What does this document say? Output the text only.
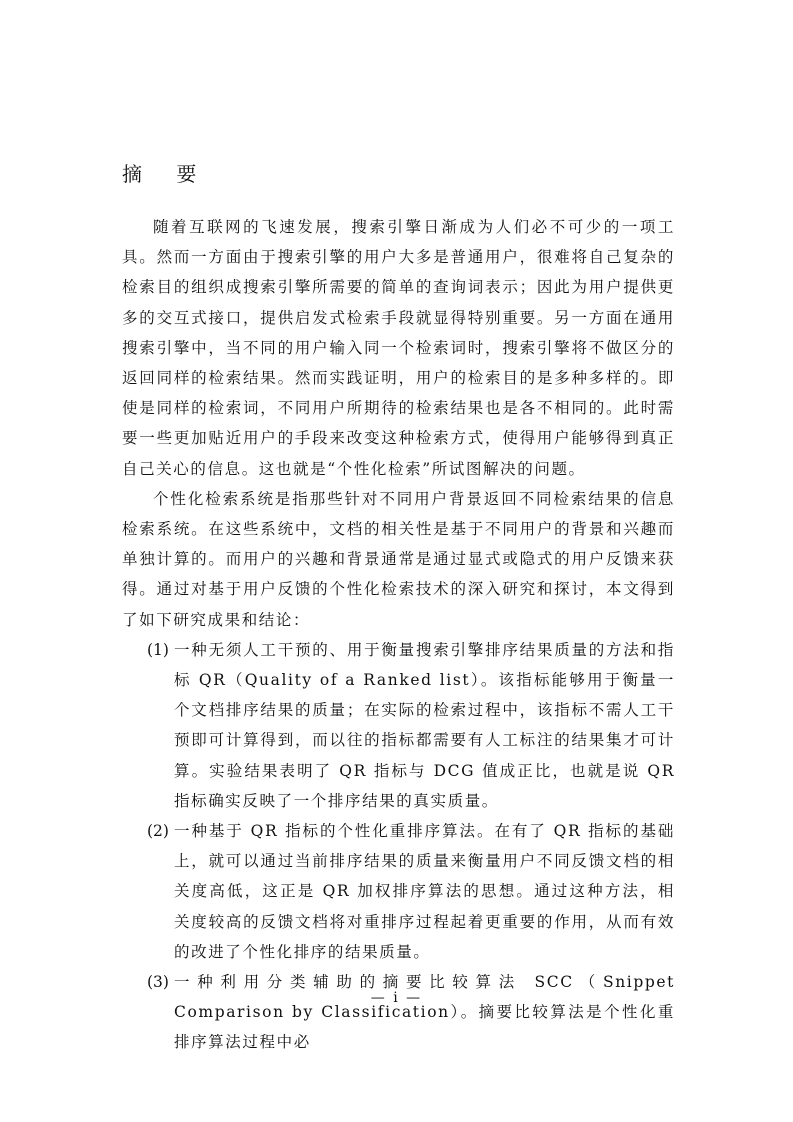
摘 要

随着互联网的飞速发展，搜索引擎日渐成为人们必不可少的一项工具。然而一方面由于搜索引擎的用户大多是普通用户，很难将自己复杂的检索目的组织成搜索引擎所需要的简单的查询词表示；因此为用户提供更多的交互式接口，提供启发式检索手段就显得特别重要。另一方面在通用搜索引擎中，当不同的用户输入同一个检索词时，搜索引擎将不做区分的返回同样的检索结果。然而实践证明，用户的检索目的是多种多样的。即使是同样的检索词，不同用户所期待的检索结果也是各不相同的。此时需要一些更加贴近用户的手段来改变这种检索方式，使得用户能够得到真正自己关心的信息。这也就是“个性化检索”所试图解决的问题。

个性化检索系统是指那些针对不同用户背景返回不同检索结果的信息检索系统。在这些系统中，文档的相关性是基于不同用户的背景和兴趣而单独计算的。而用户的兴趣和背景通常是通过显式或隐式的用户反馈来获得。通过对基于用户反馈的个性化检索技术的深入研究和探讨，本文得到了如下研究成果和结论：

(1) 一种无须人工干预的、用于衡量搜索引擎排序结果质量的方法和指标 QR（Quality of a Ranked list）。该指标能够用于衡量一个文档排序结果的质量；在实际的检索过程中，该指标不需人工干预即可计算得到，而以往的指标都需要有人工标注的结果集才可计算。实验结果表明了 QR 指标与 DCG 值成正比，也就是说 QR 指标确实反映了一个排序结果的真实质量。
(2) 一种基于 QR 指标的个性化重排序算法。在有了 QR 指标的基础上，就可以通过当前排序结果的质量来衡量用户不同反馈文档的相关度高低，这正是 QR 加权排序算法的思想。通过这种方法，相关度较高的反馈文档将对重排序过程起着更重要的作用，从而有效的改进了个性化排序的结果质量。
(3) 一种利用分类辅助的摘要比较算法 SCC（Snippet Comparison by Classification）。摘要比较算法是个性化重排序算法过程中必
— i —
